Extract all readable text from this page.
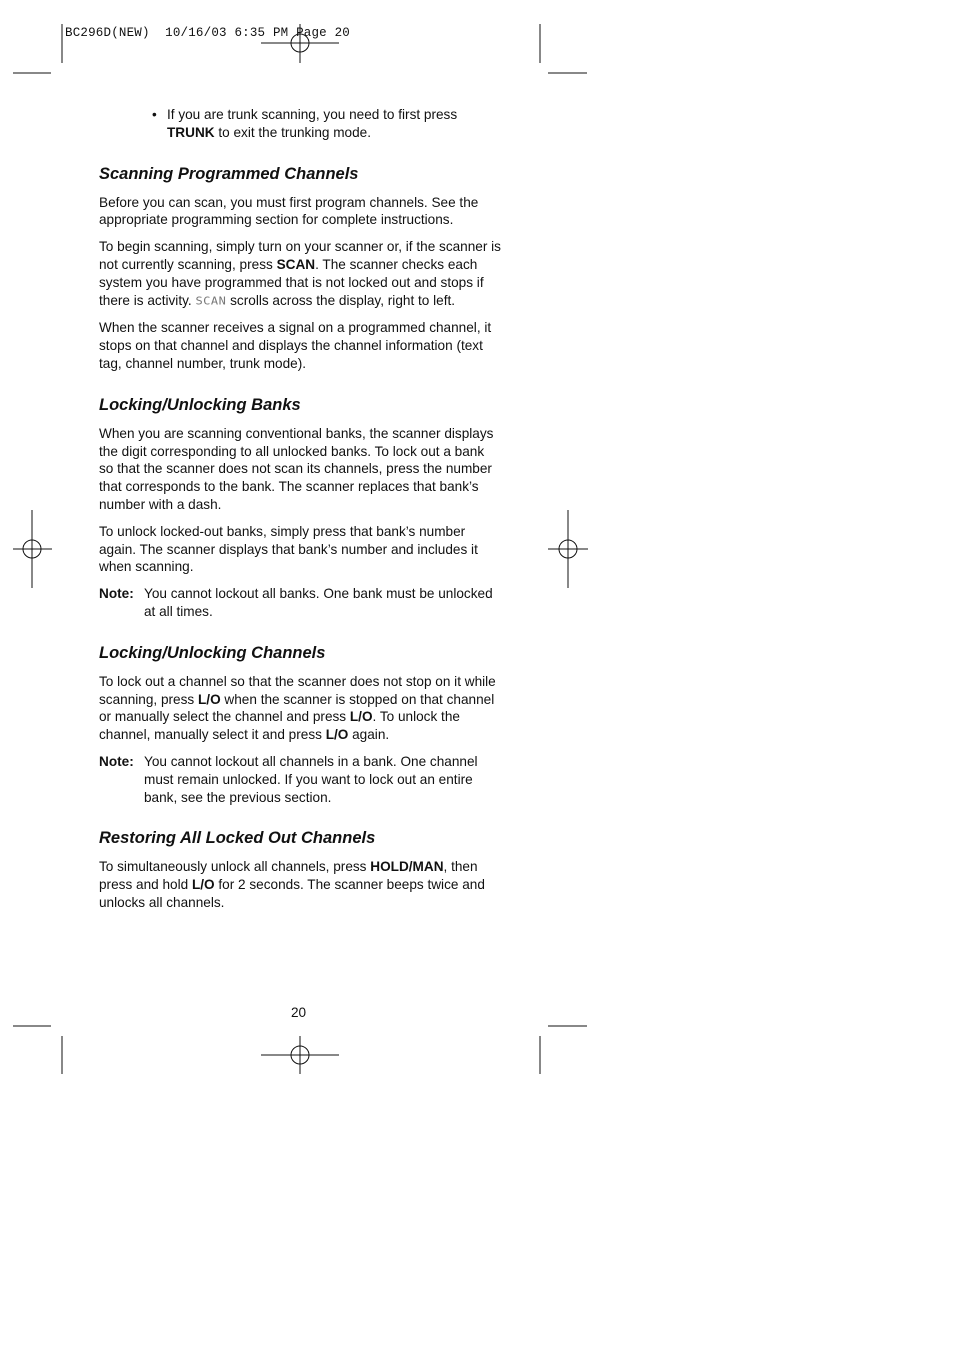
BC296D(NEW) 10/16/03 6:35 PM Page 20

• If you are trunk scanning, you need to first press TRUNK to exit the trunking mode.

Scanning Programmed Channels

Before you can scan, you must first program channels. See the appropriate programming section for complete instructions.

To begin scanning, simply turn on your scanner or, if the scanner is not currently scanning, press SCAN. The scanner checks each system you have programmed that is not locked out and stops if there is activity. SCAN scrolls across the display, right to left.

When the scanner receives a signal on a programmed channel, it stops on that channel and displays the channel information (text tag, channel number, trunk mode).

Locking/Unlocking Banks

When you are scanning conventional banks, the scanner displays the digit corresponding to all unlocked banks. To lock out a bank so that the scanner does not scan its channels, press the number that corresponds to the bank. The scanner replaces that bank’s number with a dash.

To unlock locked-out banks, simply press that bank’s number again. The scanner displays that bank’s number and includes it when scanning.

Note: You cannot lockout all banks. One bank must be unlocked at all times.
Locking/Unlocking Channels

To lock out a channel so that the scanner does not stop on it while scanning, press L/O when the scanner is stopped on that channel or manually select the channel and press L/O. To unlock the channel, manually select it and press L/O again.

Note: You cannot lockout all channels in a bank. One channel must remain unlocked. If you want to lock out an entire bank, see the previous section.
Restoring All Locked Out Channels

To simultaneously unlock all channels, press HOLD/MAN, then press and hold L/O for 2 seconds. The scanner beeps twice and unlocks all channels.

20
